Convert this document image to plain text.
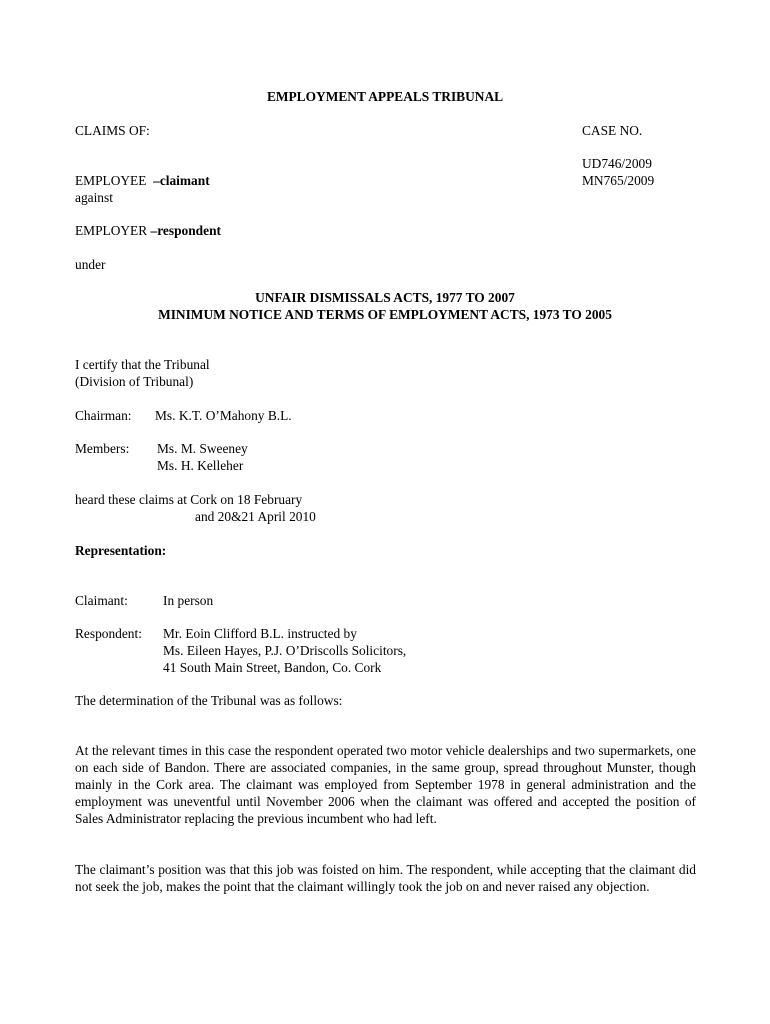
EMPLOYMENT APPEALS TRIBUNAL
CLAIMS OF:	CASE NO.
UD746/2009
MN765/2009
EMPLOYEE –claimant
against
EMPLOYER –respondent
under
UNFAIR DISMISSALS ACTS, 1977 TO 2007
MINIMUM NOTICE AND TERMS OF EMPLOYMENT ACTS, 1973 TO 2005
I certify that the Tribunal
(Division of Tribunal)
Chairman: Ms. K.T. O’Mahony B.L.
Members: Ms. M. Sweeney
Ms. H. Kelleher
heard these claims at Cork on 18 February
and 20&21 April 2010
Representation:
Claimant:	In person
Respondent: Mr. Eoin Clifford B.L. instructed by
Ms. Eileen Hayes, P.J. O’Driscolls Solicitors,
41 South Main Street, Bandon, Co. Cork
The determination of the Tribunal was as follows:

At the relevant times in this case the respondent operated two motor vehicle dealerships and two supermarkets, one on each side of Bandon. There are associated companies, in the same group, spread throughout Munster, though mainly in the Cork area. The claimant was employed from September 1978 in general administration and the employment was uneventful until November 2006 when the claimant was offered and accepted the position of Sales Administrator replacing the previous incumbent who had left.

The claimant’s position was that this job was foisted on him. The respondent, while accepting that the claimant did not seek the job, makes the point that the claimant willingly took the job on and never raised any objection.
